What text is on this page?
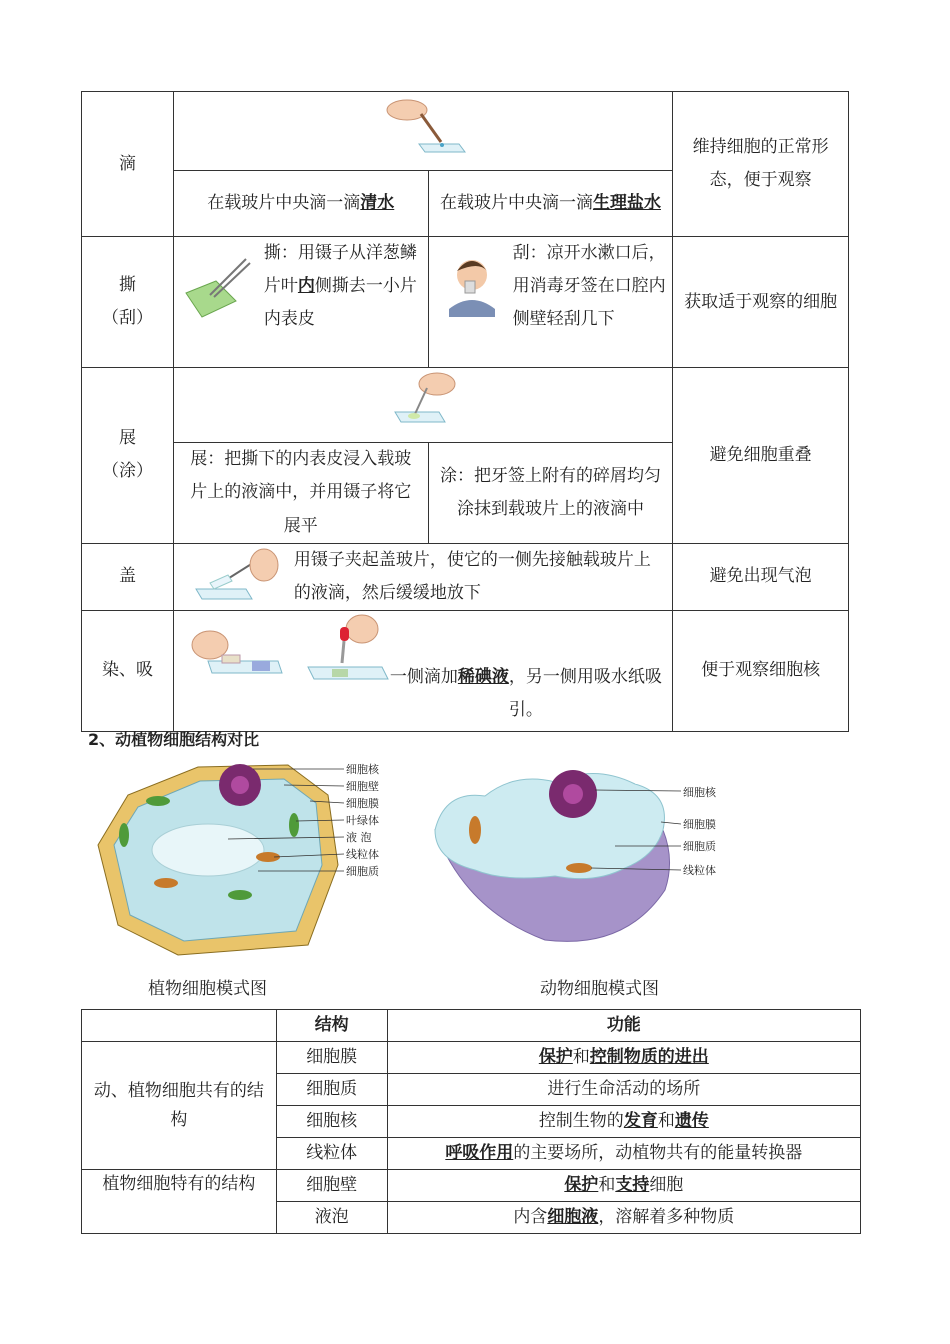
滴			维持细胞的正常形态，便于观察
	在载玻片中央滴一滴清水	在载玻片中央滴一滴生理盐水	

撕
（刮）	撕：用镊子从洋葱鳞片叶内侧撕去一小片内表皮	刮：凉开水漱口后，用消毒牙签在口腔内侧壁轻刮几下	获取适于观察的细胞

展
（涂）			避免细胞重叠
	展：把撕下的内表皮浸入载玻片上的液滴中，并用镊子将它展平	涂：把牙签上附有的碎屑均匀涂抹到载玻片上的液滴中	
盖	用镊子夹起盖玻片，使它的一侧先接触载玻片上的液滴，然后缓缓地放下		避免出现气泡
染、吸	一侧滴加稀碘液，另一侧用吸水纸吸引。		便于观察细胞核
2、动植物细胞结构对比
细胞核
细胞壁
细胞膜
叶绿体
液 泡
线粒体
细胞质
细胞核
细胞膜
细胞质
线粒体
植物细胞模式图	动物细胞模式图
	结构	功能
动、植物细胞共有的结构	细胞膜	保护和控制物质的进出
	细胞质	进行生命活动的场所
	细胞核	控制生物的发育和遗传
	线粒体	呼吸作用的主要场所，动植物共有的能量转换器
植物细胞特有的结构	细胞壁	保护和支持细胞
	液泡	内含细胞液，溶解着多种物质
